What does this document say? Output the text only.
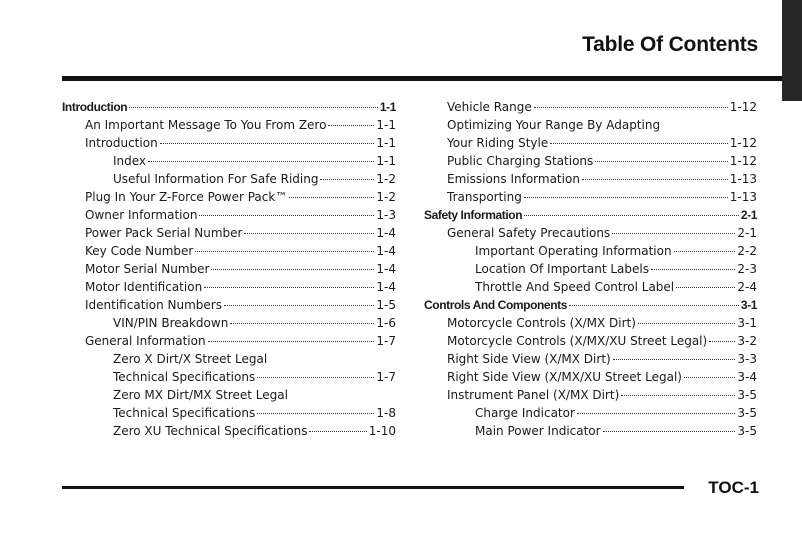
Table Of Contents
Introduction	1-1
An Important Message To You From Zero	1-1
Introduction	1-1
Index	1-1
Useful Information For Safe Riding	1-2
Plug In Your Z-Force Power Pack™	1-2
Owner Information	1-3
Power Pack Serial Number	1-4
Key Code Number	1-4
Motor Serial Number	1-4
Motor Identification	1-4
Identification Numbers	1-5
VIN/PIN Breakdown	1-6
General Information	1-7
Zero X Dirt/X Street Legal
Technical Specifications	1-7
Zero MX Dirt/MX Street Legal
Technical Specifications	1-8
Zero XU Technical Specifications	1-10
Vehicle Range	1-12
Optimizing Your Range By Adapting
Your Riding Style	1-12
Public Charging Stations	1-12
Emissions Information	1-13
Transporting	1-13
Safety Information	2-1
General Safety Precautions	2-1
Important Operating Information	2-2
Location Of Important Labels	2-3
Throttle And Speed Control Label	2-4
Controls And Components	3-1
Motorcycle Controls (X/MX Dirt)	3-1
Motorcycle Controls (X/MX/XU Street Legal)	3-2
Right Side View (X/MX Dirt)	3-3
Right Side View (X/MX/XU Street Legal)	3-4
Instrument Panel (X/MX Dirt)	3-5
Charge Indicator	3-5
Main Power Indicator	3-5
TOC-1
